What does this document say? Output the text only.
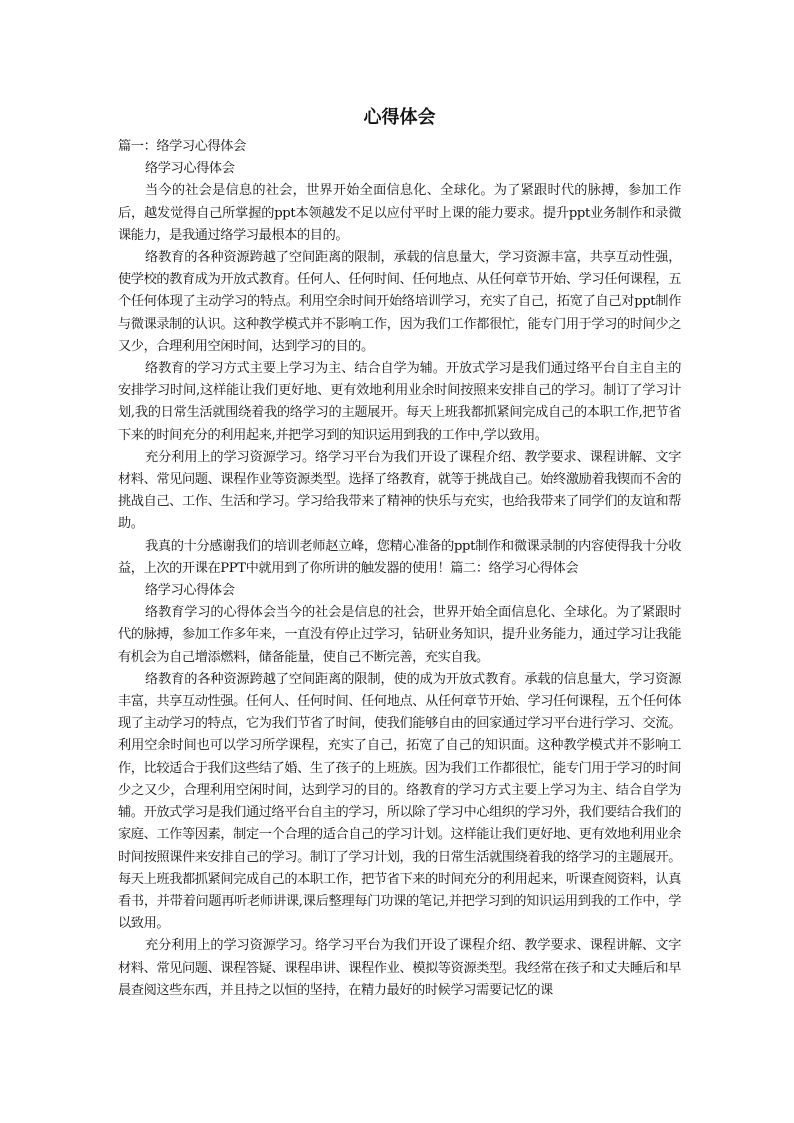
心得体会

篇一：络学习心得体会

络学习心得体会

当今的社会是信息的社会，世界开始全面信息化、全球化。为了紧跟时代的脉搏，参加工作后，越发觉得自己所掌握的ppt本领越发不足以应付平时上课的能力要求。提升ppt业务制作和录微课能力，是我通过络学习最根本的目的。

络教育的各种资源跨越了空间距离的限制，承载的信息量大，学习资源丰富，共享互动性强，使学校的教育成为开放式教育。任何人、任何时间、任何地点、从任何章节开始、学习任何课程，五个任何体现了主动学习的特点。利用空余时间开始络培训学习，充实了自己，拓宽了自己对ppt制作与微课录制的认识。这种教学模式并不影响工作，因为我们工作都很忙，能专门用于学习的时间少之又少，合理利用空闲时间，达到学习的目的。

络教育的学习方式主要上学习为主、结合自学为辅。开放式学习是我们通过络平台自主自主的安排学习时间,这样能让我们更好地、更有效地利用业余时间按照来安排自己的学习。制订了学习计划,我的日常生活就围绕着我的络学习的主题展开。每天上班我都抓紧间完成自己的本职工作,把节省下来的时间充分的利用起来,并把学习到的知识运用到我的工作中,学以致用。

充分利用上的学习资源学习。络学习平台为我们开设了课程介绍、教学要求、课程讲解、文字材料、常见问题、课程作业等资源类型。选择了络教育，就等于挑战自己。始终激励着我锲而不舍的挑战自己、工作、生活和学习。学习给我带来了精神的快乐与充实，也给我带来了同学们的友谊和帮助。

我真的十分感谢我们的培训老师赵立峰，您精心准备的ppt制作和微课录制的内容使得我十分收益，上次的开课在PPT中就用到了你所讲的触发器的使用！篇二：络学习心得体会

络学习心得体会

络教育学习的心得体会当今的社会是信息的社会，世界开始全面信息化、全球化。为了紧跟时代的脉搏，参加工作多年来，一直没有停止过学习，钻研业务知识，提升业务能力，通过学习让我能有机会为自己增添燃料，储备能量，使自己不断完善，充实自我。

络教育的各种资源跨越了空间距离的限制，使的成为开放式教育。承载的信息量大，学习资源丰富，共享互动性强。任何人、任何时间、任何地点、从任何章节开始、学习任何课程，五个任何体现了主动学习的特点，它为我们节省了时间，使我们能够自由的回家通过学习平台进行学习、交流。利用空余时间也可以学习所学课程，充实了自己，拓宽了自己的知识面。这种教学模式并不影响工作，比较适合于我们这些结了婚、生了孩子的上班族。因为我们工作都很忙，能专门用于学习的时间少之又少，合理利用空闲时间，达到学习的目的。络教育的学习方式主要上学习为主、结合自学为辅。开放式学习是我们通过络平台自主的学习，所以除了学习中心组织的学习外，我们要结合我们的家庭、工作等因素，制定一个合理的适合自己的学习计划。这样能让我们更好地、更有效地利用业余时间按照课件来安排自己的学习。制订了学习计划，我的日常生活就围绕着我的络学习的主题展开。每天上班我都抓紧间完成自己的本职工作，把节省下来的时间充分的利用起来，听课查阅资料，认真看书，并带着问题再听老师讲课,课后整理每门功课的笔记,并把学习到的知识运用到我的工作中，学以致用。

充分利用上的学习资源学习。络学习平台为我们开设了课程介绍、教学要求、课程讲解、文字材料、常见问题、课程答疑、课程串讲、课程作业、模拟等资源类型。我经常在孩子和丈夫睡后和早晨查阅这些东西，并且持之以恒的坚持，在精力最好的时候学习需要记忆的课
